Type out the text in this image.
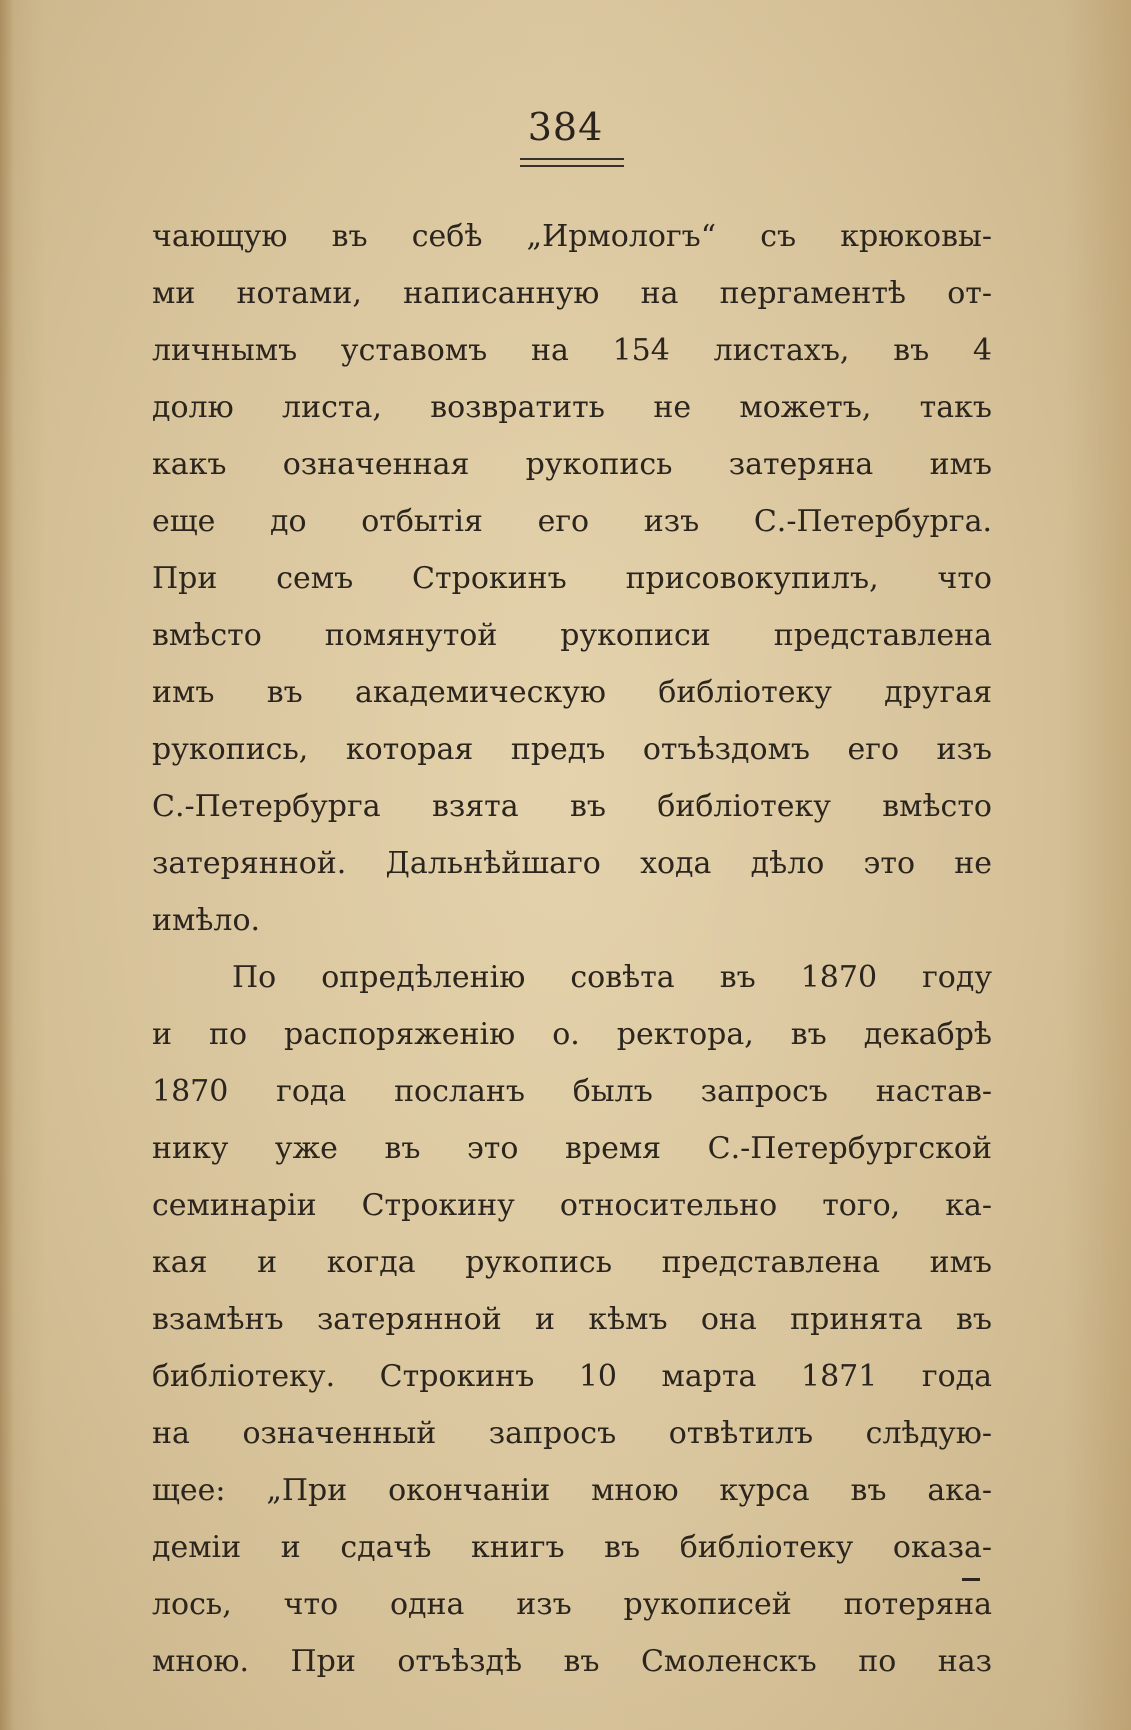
384

чающую въ себѣ „Ирмологъ“ съ крюковы-
ми нотами, написанную на пергаментѣ от-
личнымъ уставомъ на 154 листахъ, въ 4
долю листа, возвратить не можетъ, такъ
какъ означенная рукопись затеряна имъ
еще до отбытія его изъ С.-Петербурга.
При семъ Строкинъ присовокупилъ, что
вмѣсто помянутой рукописи представлена
имъ въ академическую библіотеку другая
рукопись, которая предъ отъѣздомъ его изъ
С.-Петербурга взята въ библіотеку вмѣсто
затерянной. Дальнѣйшаго хода дѣло это не
имѣло.
По опредѣленію совѣта въ 1870 году
и по распоряженію о. ректора, въ декабрѣ
1870 года посланъ былъ запросъ настав-
нику уже въ это время С.-Петербургской
семинаріи Строкину относительно того, ка-
кая и когда рукопись представлена имъ
взамѣнъ затерянной и кѣмъ она принята въ
библіотеку. Строкинъ 10 марта 1871 года
на означенный запросъ отвѣтилъ слѣдую-
щее: „При окончаніи мною курса въ ака-
деміи и сдачѣ книгъ въ библіотеку оказа-
лось, что одна изъ рукописей потеряна
мною. При отъѣздѣ въ Смоленскъ по наз
